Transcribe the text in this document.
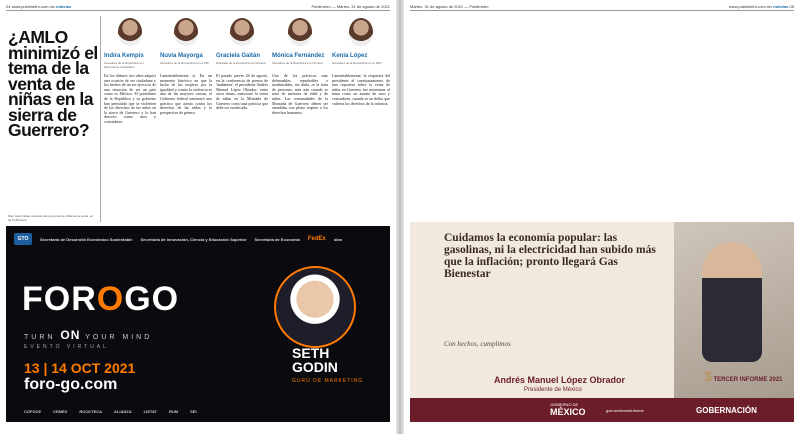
04 www.publimetro.com.mx noticias	Publimetro — Martes, 31 de agosto de 2021
¿AMLO minimizó el tema de la venta de niñas en la sierra de Guerrero?
Diez columnistas esperan ético el porte de niñas de la venta, en de Publimetro
Indira Kempis
Senadora de la República por Movimiento Ciudadano
En los últimos tres años adquirí una ocasión de ser ciudadana y los hechos de un ser ejercicio de una situación de ser un país como es México. El presidente de la República y su gobierno han permitido que se violenten de los derechos de las niñas en la sierra de Guerrero y lo han descrito como usos y costumbres.
Nuvia Mayorga
Senadora de la República por el PRI
Lamentablemente sí. En un momento histórico en que la lucha de las mujeres por la igualdad y contra la violencia es una de las mayores causas, el Gobierno federal minimizó una práctica que atenta contra los derechos de las niñas y la perspectiva de género.
Graciela Gaitán
Diputada de la República por Morena
El pasado jueves 26 de agosto, en la conferencia de prensa de 'mañanera', el presidente Andrés Manuel López Obrador, entre otros temas, mencionó la venta de niñas en la Montaña de Guerrero como una práctica que debe ser erradicada.
Mónica Fernández
Senadora de la República por Morena
Uno de los prácticas más deleznables, reprobables e inadmisibles, sin duda, es la trata de personas, más aún cuando se trata de menores de edad y de niñas. Las comunidades de la Montaña de Guerrero deben ser atendidas con pleno respeto a los derechos humanos.
Kenia López
Senadora de la República por el PAN
Lamentablemente, la respuesta del presidente al cuestionamiento de una reportera sobre la venta de niñas en Guerrero fue minimizar el tema como un asunto de usos y costumbres, cuando es un delito que vulnera los derechos de la infancia.
GTO	Secretaría de Desarrollo Económico Sustentable Secretaría de Innovación, Ciencia y Educación Superior Secretaría de Economía FedEx idea
FOROGO
TURN ON YOUR MIND
EVENTO VIRTUAL
13 | 14 OCT 2021
foro-go.com
SETH GODIN
GURÚ DE MARKETING
COFOCE	CEMEX	ROCKTECA	ALIANZA	LISTAT	RUM	SEI
Martes, 31 de agosto de 2021 — Publimetro	www.publimetro.com.mx noticias 05
Cuidamos la economía popular: las gasolinas, ni la electricidad han subido más que la inflación; pronto llegará Gas Bienestar
Con hechos, cumplimos
Andrés Manuel López Obrador
Presidente de México
3 TERCER INFORME 2021
GOBIERNO DE
MÉXICO	gob.mx/tercerinforme	GOBERNACIÓN
